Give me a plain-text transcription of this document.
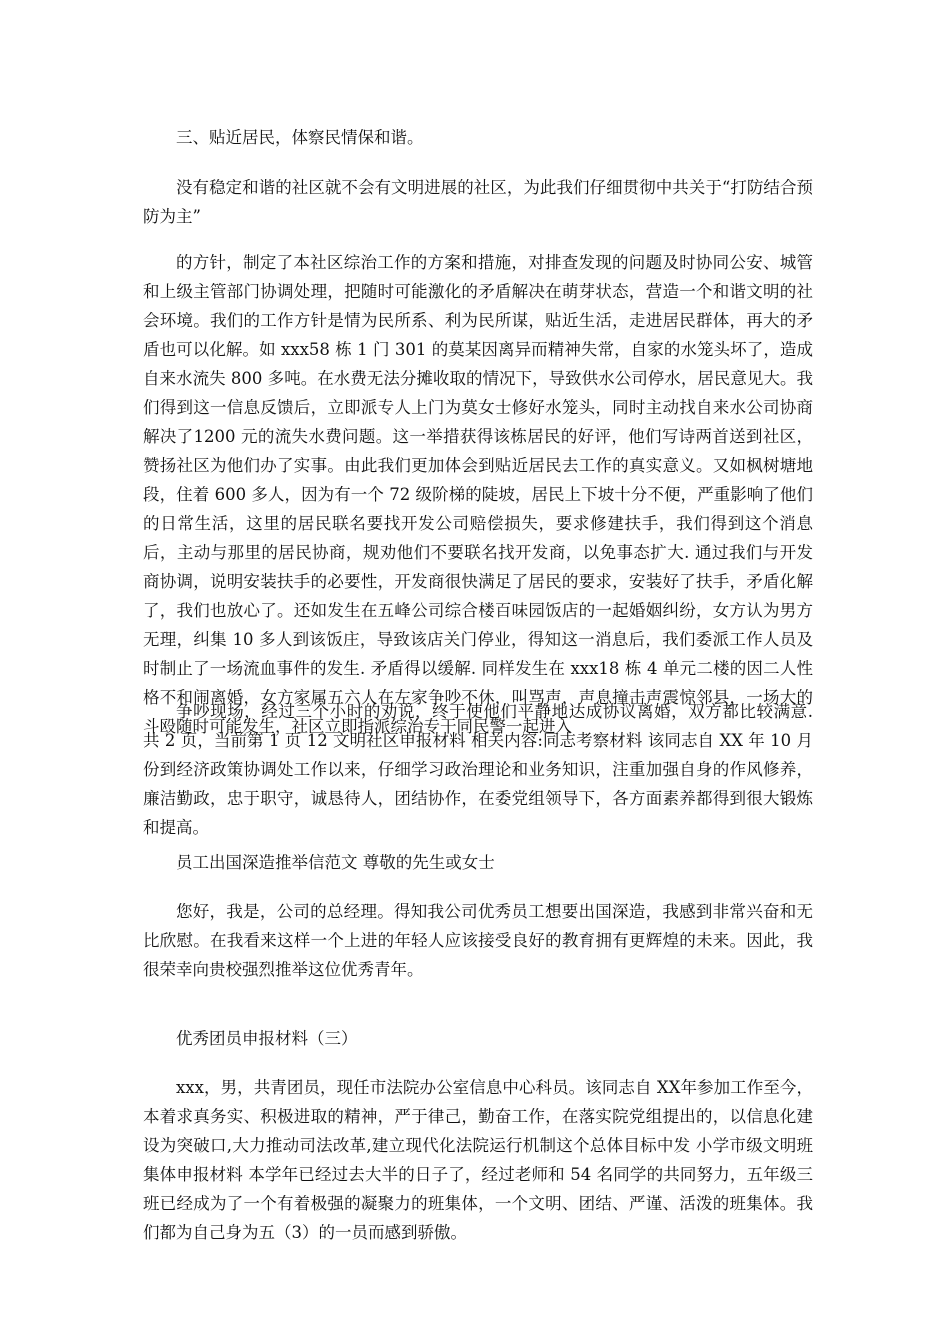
三、贴近居民，体察民情保和谐。

没有稳定和谐的社区就不会有文明进展的社区，为此我们仔细贯彻中共关于“打防结合预防为主”

的方针，制定了本社区综治工作的方案和措施，对排查发现的问题及时协同公安、城管和上级主管部门协调处理，把随时可能激化的矛盾解决在萌芽状态，营造一个和谐文明的社会环境。我们的工作方针是情为民所系、利为民所谋，贴近生活，走进居民群体，再大的矛盾也可以化解。如 xxx58 栋 1 门 301 的莫某因离异而精神失常，自家的水笼头坏了，造成自来水流失 800 多吨。在水费无法分摊收取的情况下，导致供水公司停水，居民意见大。我们得到这一信息反馈后，立即派专人上门为莫女士修好水笼头，同时主动找自来水公司协商解决了1200 元的流失水费问题。这一举措获得该栋居民的好评，他们写诗两首送到社区，赞扬社区为他们办了实事。由此我们更加体会到贴近居民去工作的真实意义。又如枫树塘地段，住着 600 多人，因为有一个 72 级阶梯的陡坡，居民上下坡十分不便，严重影响了他们的日常生活，这里的居民联名要找开发公司赔偿损失，要求修建扶手，我们得到这个消息后，主动与那里的居民协商，规劝他们不要联名找开发商，以免事态扩大. 通过我们与开发商协调，说明安装扶手的必要性，开发商很快满足了居民的要求，安装好了扶手，矛盾化解了，我们也放心了。还如发生在五峰公司综合楼百味园饭店的一起婚姻纠纷，女方认为男方无理，纠集 10 多人到该饭庄，导致该店关门停业，得知这一消息后，我们委派工作人员及时制止了一场流血事件的发生. 矛盾得以缓解. 同样发生在 xxx18 栋 4 单元二楼的因二人性格不和闹离婚，女方家属五六人在左家争吵不休，叫骂声，声息撞击声震惊邻县，一场大的斗殴随时可能发生，社区立即指派综治专干同民警一起进入

争吵现场，经过三个小时的劝说，终于使他们平静地达成协议离婚，双方都比较满意. 共 2 页，当前第 1 页 12 文明社区申报材料 相关内容:同志考察材料 该同志自 XX 年 10 月份到经济政策协调处工作以来，仔细学习政治理论和业务知识，注重加强自身的作风修养，廉洁勤政，忠于职守，诚恳待人，团结协作，在委党组领导下，各方面素养都得到很大锻炼和提高。

员工出国深造推举信范文 尊敬的先生或女士

您好，我是，公司的总经理。得知我公司优秀员工想要出国深造，我感到非常兴奋和无比欣慰。在我看来这样一个上进的年轻人应该接受良好的教育拥有更辉煌的未来。因此，我很荣幸向贵校强烈推举这位优秀青年。

优秀团员申报材料（三）

xxx，男，共青团员，现任市法院办公室信息中心科员。该同志自 XX年参加工作至今，本着求真务实、积极进取的精神，严于律己，勤奋工作，在落实院党组提出的，以信息化建设为突破口,大力推动司法改革,建立现代化法院运行机制这个总体目标中发 小学市级文明班集体申报材料 本学年已经过去大半的日子了，经过老师和 54 名同学的共同努力，五年级三班已经成为了一个有着极强的凝聚力的班集体，一个文明、团结、严谨、活泼的班集体。我们都为自己身为五（3）的一员而感到骄傲。
